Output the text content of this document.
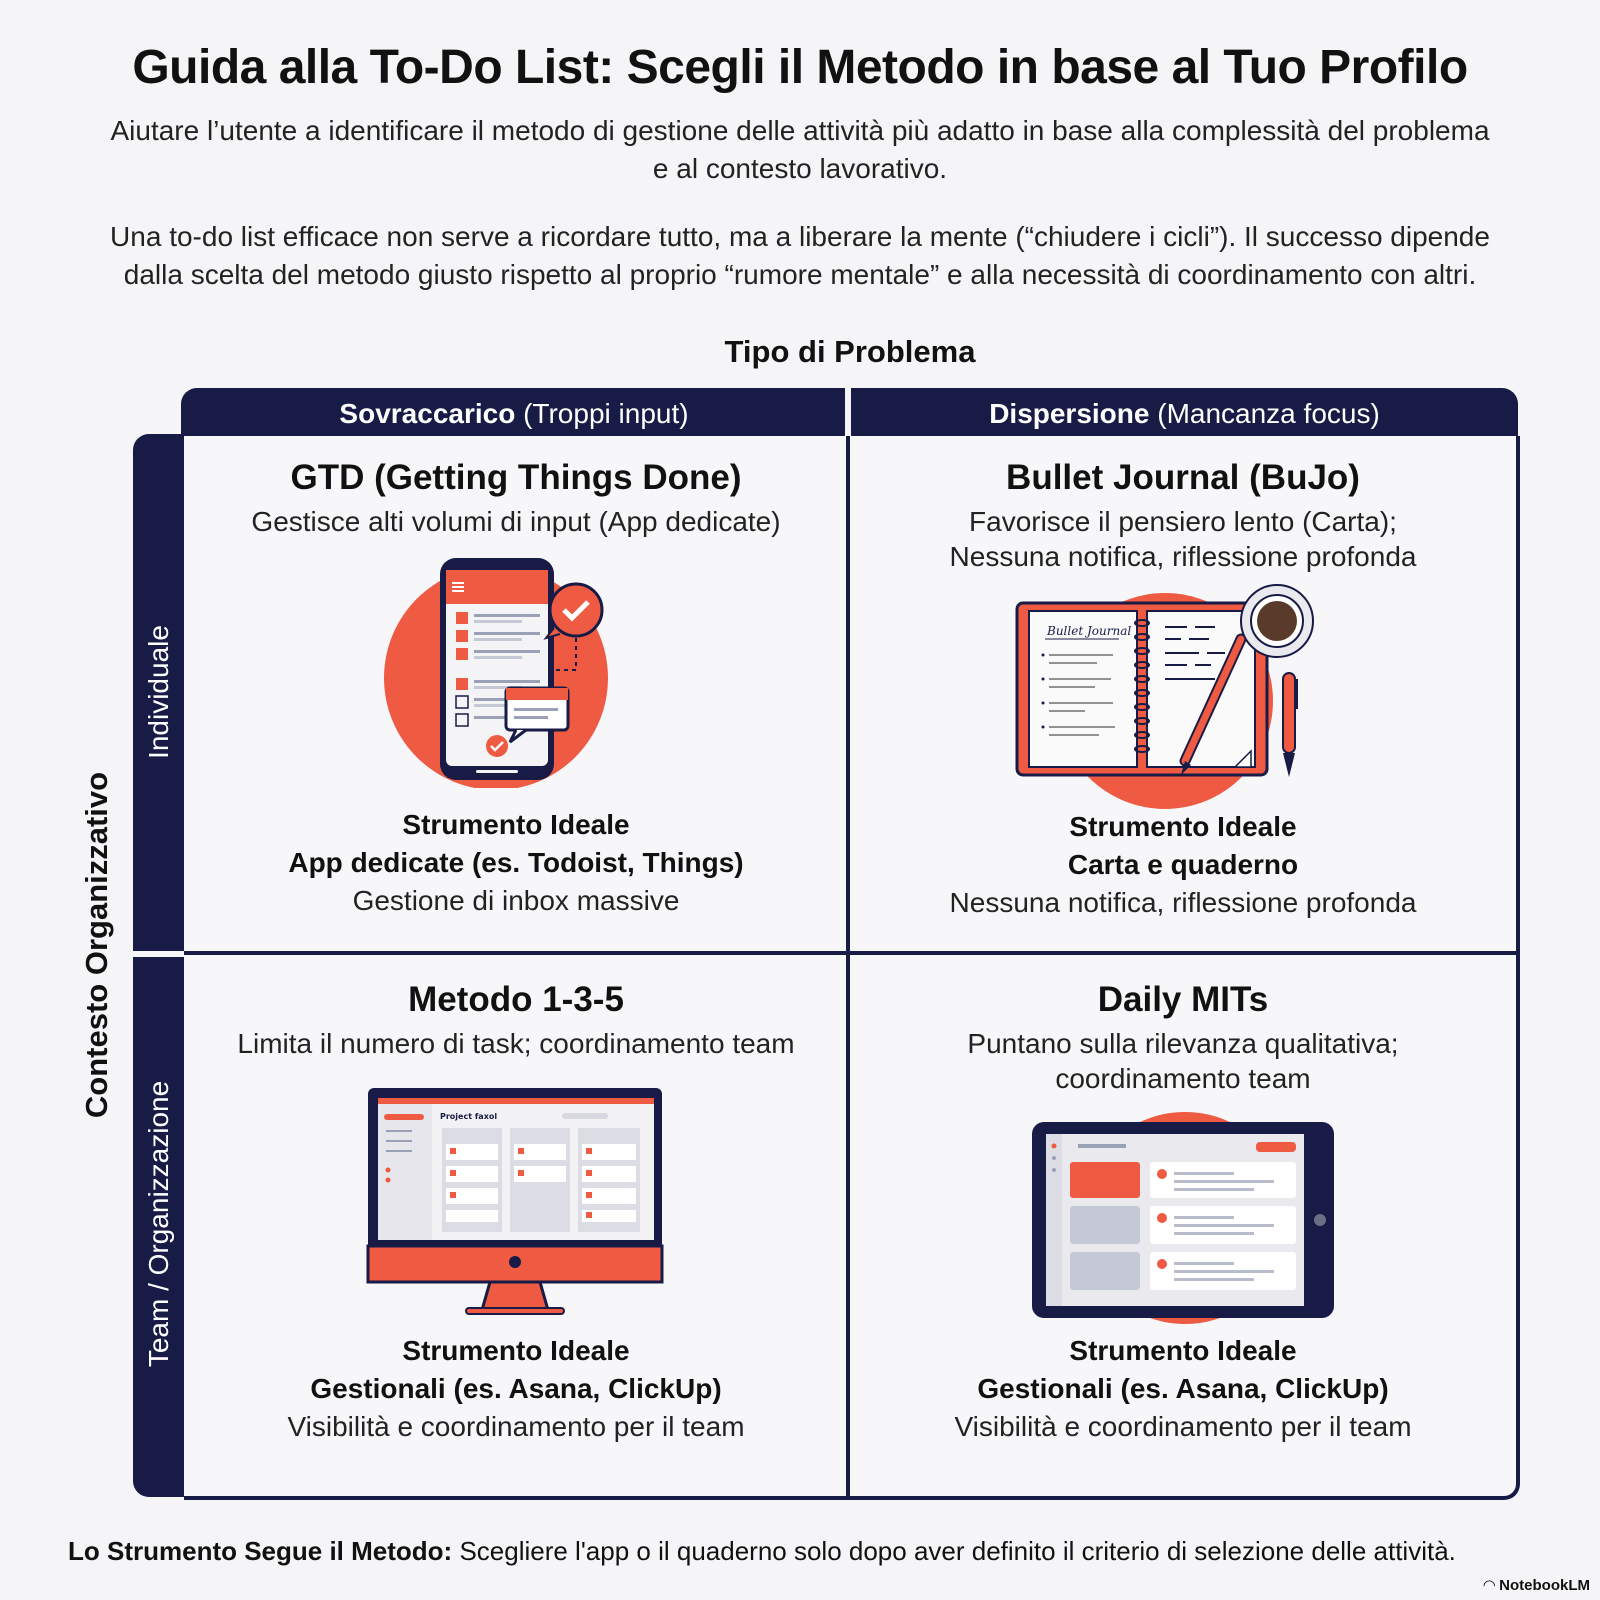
Guida alla To-Do List: Scegli il Metodo in base al Tuo Profilo
Aiutare l’utente a identificare il metodo di gestione delle attività più adatto in base alla complessità del problema e al contesto lavorativo.
Una to-do list efficace non serve a ricordare tutto, ma a liberare la mente (“chiudere i cicli”). Il successo dipende dalla scelta del metodo giusto rispetto al proprio “rumore mentale” e alla necessità di coordinamento con altri.
Tipo di Problema
Contesto Organizzativo
Sovraccarico (Troppi input)	Dispersione (Mancanza focus)
Individuale
Team / Organizzazione
GTD (Getting Things Done)
Gestisce alti volumi di input (App dedicate)
Strumento Ideale
App dedicate (es. Todoist, Things)
Gestione di inbox massive
Bullet Journal (BuJo)
Favorisce il pensiero lento (Carta); Nessuna notifica, riflessione profonda
Bullet Journal
Strumento Ideale
Carta e quaderno
Nessuna notifica, riflessione profonda
Metodo 1-3-5
Limita il numero di task; coordinamento team
Project faxol
Strumento Ideale
Gestionali (es. Asana, ClickUp)
Visibilità e coordinamento per il team
Daily MITs
Puntano sulla rilevanza qualitativa; coordinamento team
Strumento Ideale
Gestionali (es. Asana, ClickUp)
Visibilità e coordinamento per il team
Lo Strumento Segue il Metodo: Scegliere l'app o il quaderno solo dopo aver definito il criterio di selezione delle attività.
◠ NotebookLM
